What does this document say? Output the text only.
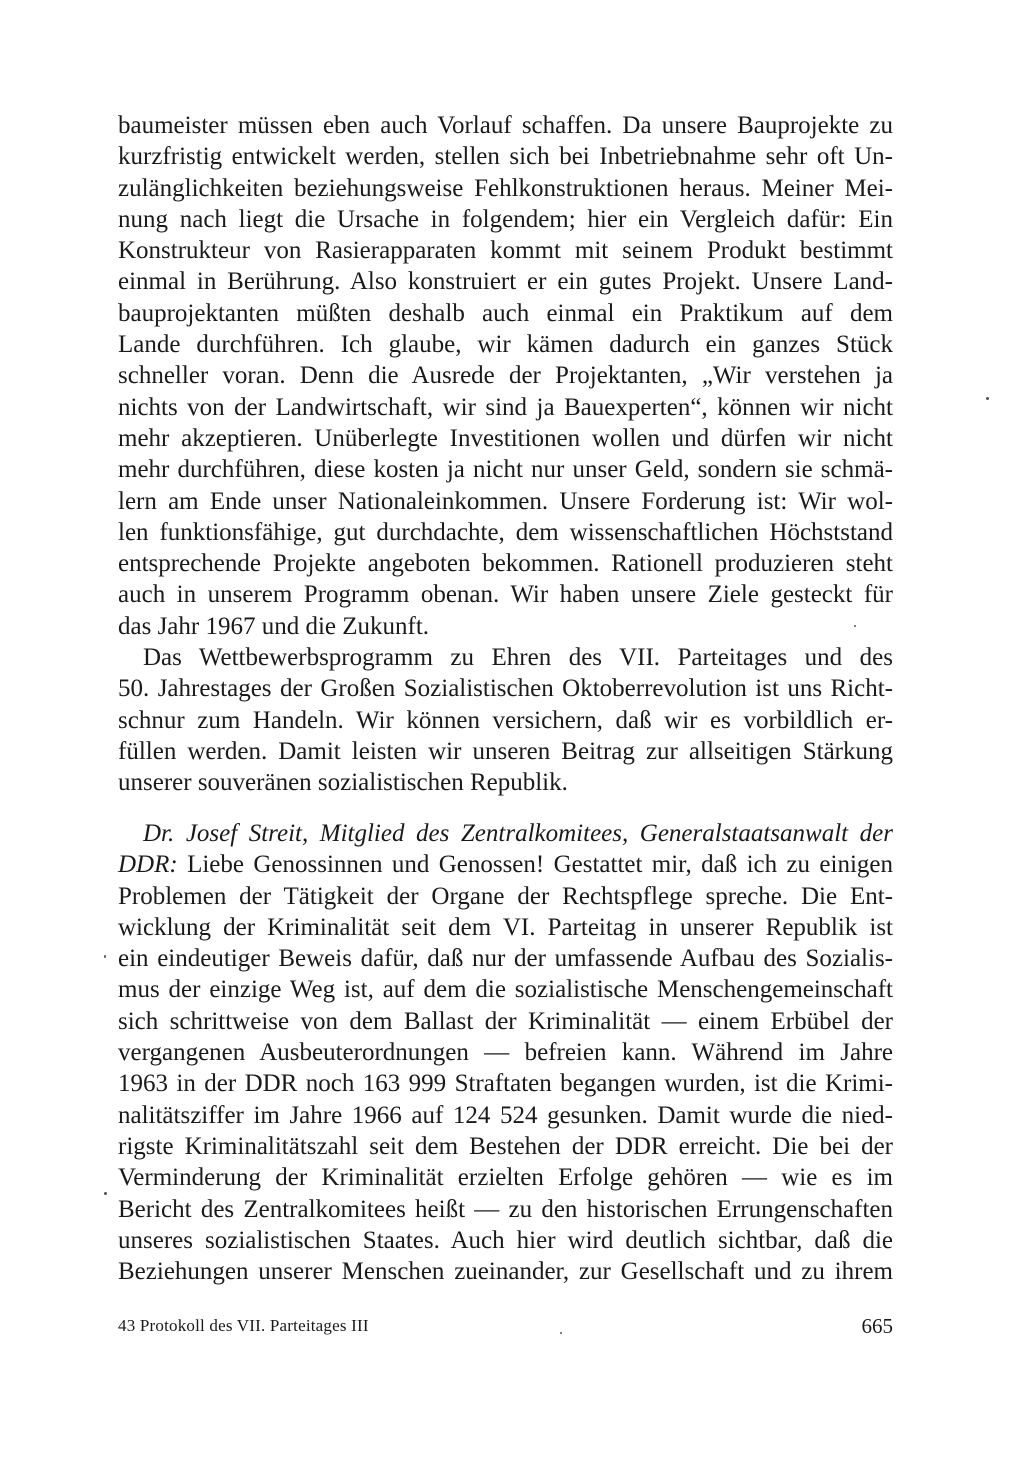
baumeister müssen eben auch Vorlauf schaffen. Da unsere Bauprojekte zu
kurzfristig entwickelt werden, stellen sich bei Inbetriebnahme sehr oft Un-
zulänglichkeiten beziehungsweise Fehlkonstruktionen heraus. Meiner Mei-
nung nach liegt die Ursache in folgendem; hier ein Vergleich dafür: Ein
Konstrukteur von Rasierapparaten kommt mit seinem Produkt bestimmt
einmal in Berührung. Also konstruiert er ein gutes Projekt. Unsere Land-
bauprojektanten müßten deshalb auch einmal ein Praktikum auf dem
Lande durchführen. Ich glaube, wir kämen dadurch ein ganzes Stück
schneller voran. Denn die Ausrede der Projektanten, „Wir verstehen ja
nichts von der Landwirtschaft, wir sind ja Bauexperten“, können wir nicht
mehr akzeptieren. Unüberlegte Investitionen wollen und dürfen wir nicht
mehr durchführen, diese kosten ja nicht nur unser Geld, sondern sie schmä-
lern am Ende unser Nationaleinkommen. Unsere Forderung ist: Wir wol-
len funktionsfähige, gut durchdachte, dem wissenschaftlichen Höchststand
entsprechende Projekte angeboten bekommen. Rationell produzieren steht
auch in unserem Programm obenan. Wir haben unsere Ziele gesteckt für
das Jahr 1967 und die Zukunft.
Das Wettbewerbsprogramm zu Ehren des VII. Parteitages und des
50. Jahrestages der Großen Sozialistischen Oktoberrevolution ist uns Richt-
schnur zum Handeln. Wir können versichern, daß wir es vorbildlich er-
füllen werden. Damit leisten wir unseren Beitrag zur allseitigen Stärkung
unserer souveränen sozialistischen Republik.
Dr. Josef Streit, Mitglied des Zentralkomitees, Generalstaatsanwalt der
DDR: Liebe Genossinnen und Genossen! Gestattet mir, daß ich zu einigen
Problemen der Tätigkeit der Organe der Rechtspflege spreche. Die Ent-
wicklung der Kriminalität seit dem VI. Parteitag in unserer Republik ist
ein eindeutiger Beweis dafür, daß nur der umfassende Aufbau des Sozialis-
mus der einzige Weg ist, auf dem die sozialistische Menschengemeinschaft
sich schrittweise von dem Ballast der Kriminalität — einem Erbübel der
vergangenen Ausbeuterordnungen — befreien kann. Während im Jahre
1963 in der DDR noch 163 999 Straftaten begangen wurden, ist die Krimi-
nalitätsziffer im Jahre 1966 auf 124 524 gesunken. Damit wurde die nied-
rigste Kriminalitätszahl seit dem Bestehen der DDR erreicht. Die bei der
Verminderung der Kriminalität erzielten Erfolge gehören — wie es im
Bericht des Zentralkomitees heißt — zu den historischen Errungenschaften
unseres sozialistischen Staates. Auch hier wird deutlich sichtbar, daß die
Beziehungen unserer Menschen zueinander, zur Gesellschaft und zu ihrem
43 Protokoll des VII. Parteitages III	665
